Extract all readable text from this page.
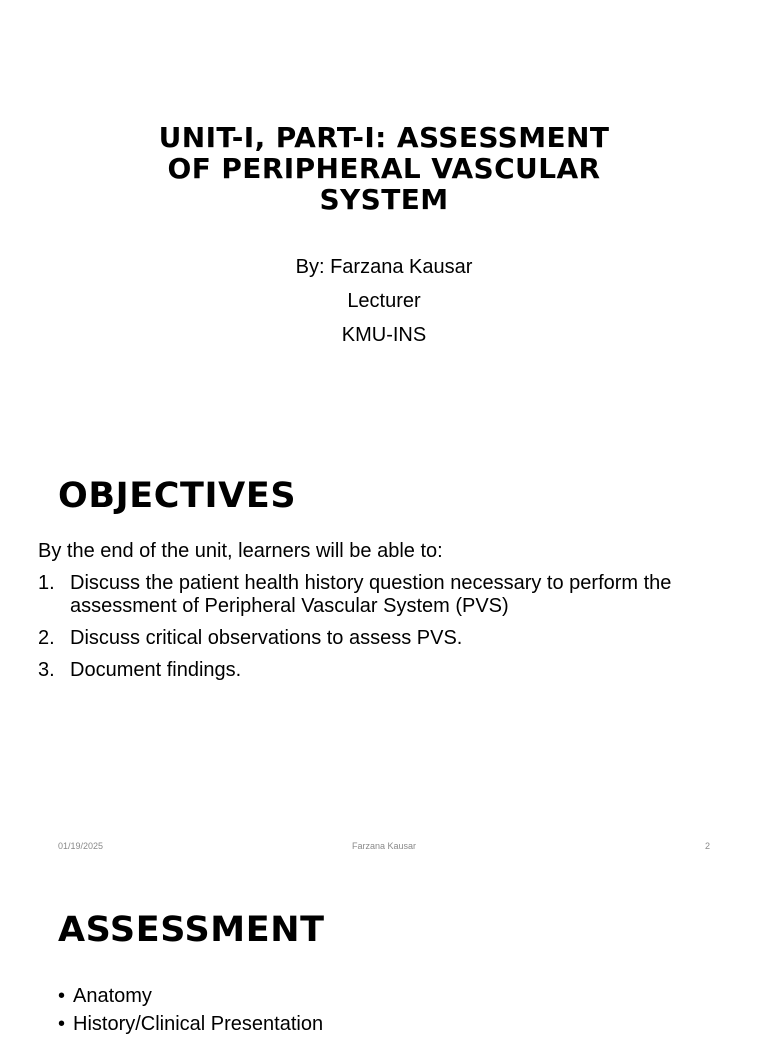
UNIT-I, PART-I: ASSESSMENT
OF PERIPHERAL VASCULAR
SYSTEM
By: Farzana Kausar
Lecturer
KMU-INS
OBJECTIVES

By the end of the unit, learners will be able to:

1. Discuss the patient health history question necessary to perform the assessment of Peripheral Vascular System (PVS)
2. Discuss critical observations to assess PVS.
3. Document findings.
01/19/2025	Farzana Kausar	2
ASSESSMENT
• Anatomy
• History/Clinical Presentation
